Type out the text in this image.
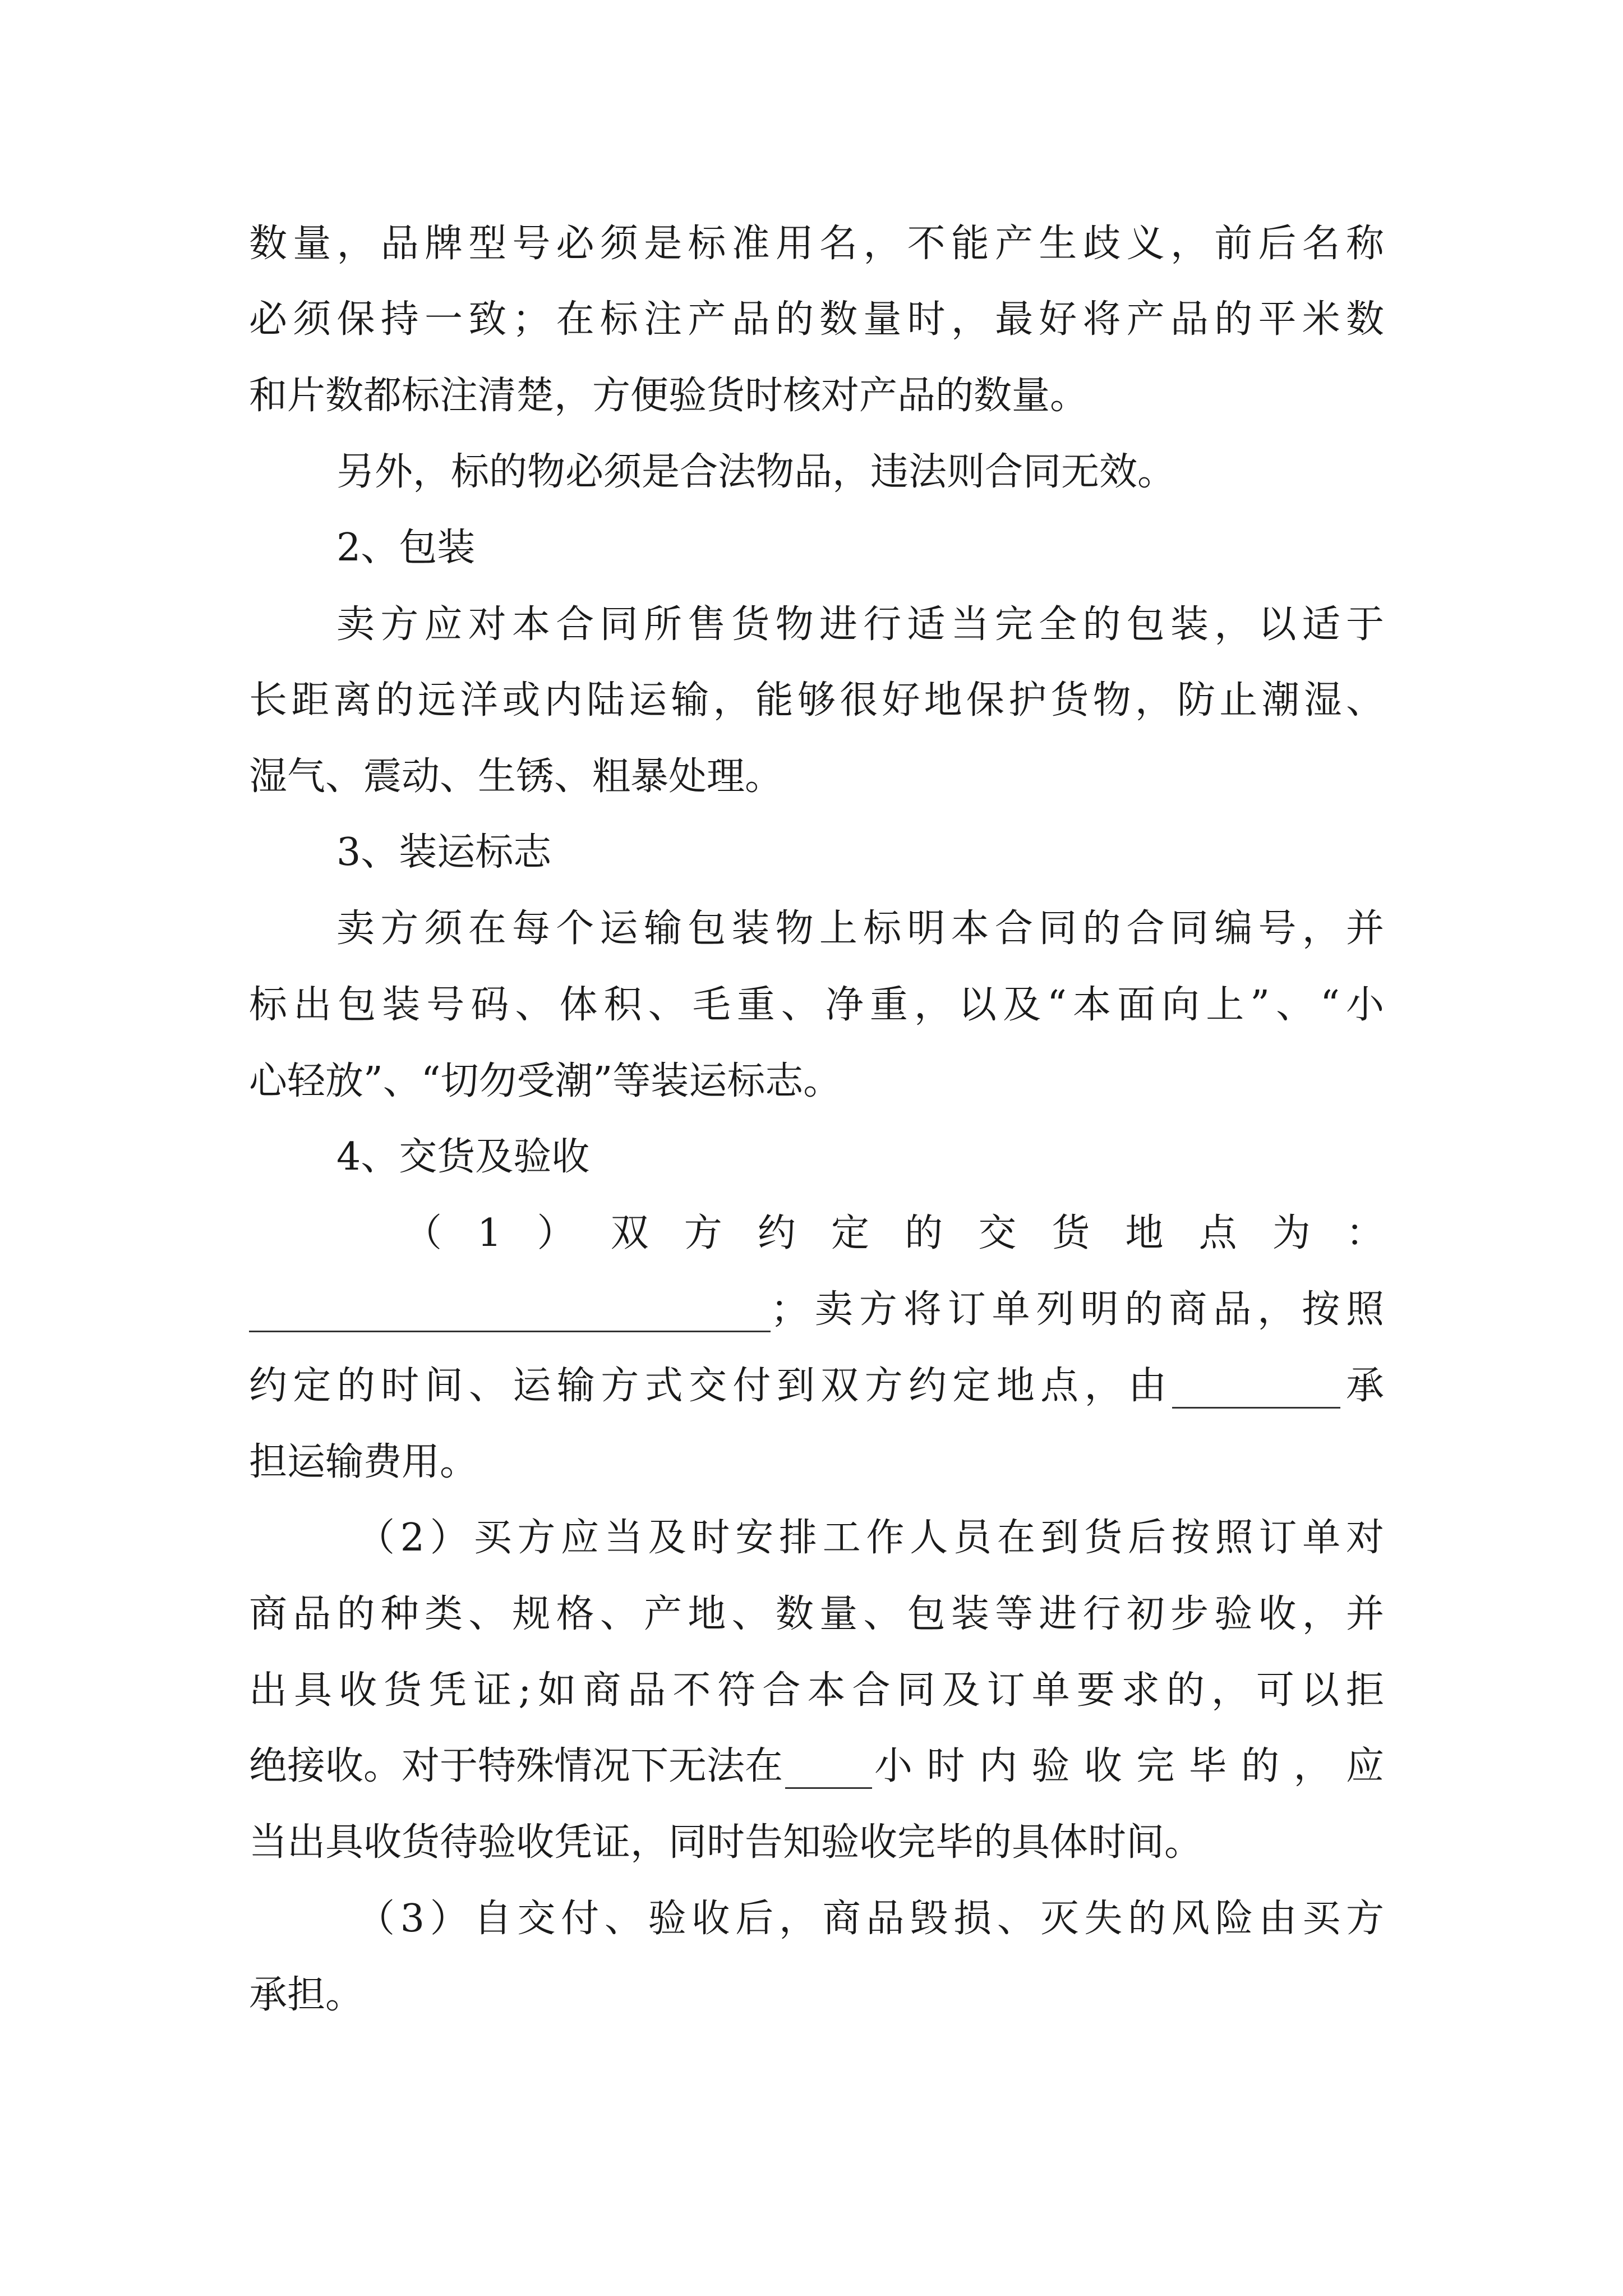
数量，品牌型号必须是标准用名，不能产生歧义，前后名称
必须保持一致；在标注产品的数量时，最好将产品的平米数
和片数都标注清楚，方便验货时核对产品的数量。
另外，标的物必须是合法物品，违法则合同无效。
2、包装
卖方应对本合同所售货物进行适当完全的包装，以适于
长距离的远洋或内陆运输，能够很好地保护货物，防止潮湿、
湿气、震动、生锈、粗暴处理。
3、装运标志
卖方须在每个运输包装物上标明本合同的合同编号，并
标出包装号码、体积、毛重、净重，以及“本面向上”、“小
心轻放”、“切勿受潮”等装运标志。
4、交货及验收
（ 1 ） 双 方 约 定 的 交 货 地 点 为 ：
；卖方将订单列明的商品，按照
约定的时间、运输方式交付到双方约定地点，由	承
担运输费用。
（2）买方应当及时安排工作人员在到货后按照订单对
商品的种类、规格、产地、数量、包装等进行初步验收，并
出具收货凭证;如商品不符合本合同及订单要求的，可以拒
绝接收。对于特殊情况下无法在 小时内验收完毕的，应
当出具收货待验收凭证，同时告知验收完毕的具体时间。
（3）自交付、验收后，商品毁损、灭失的风险由买方
承担。
